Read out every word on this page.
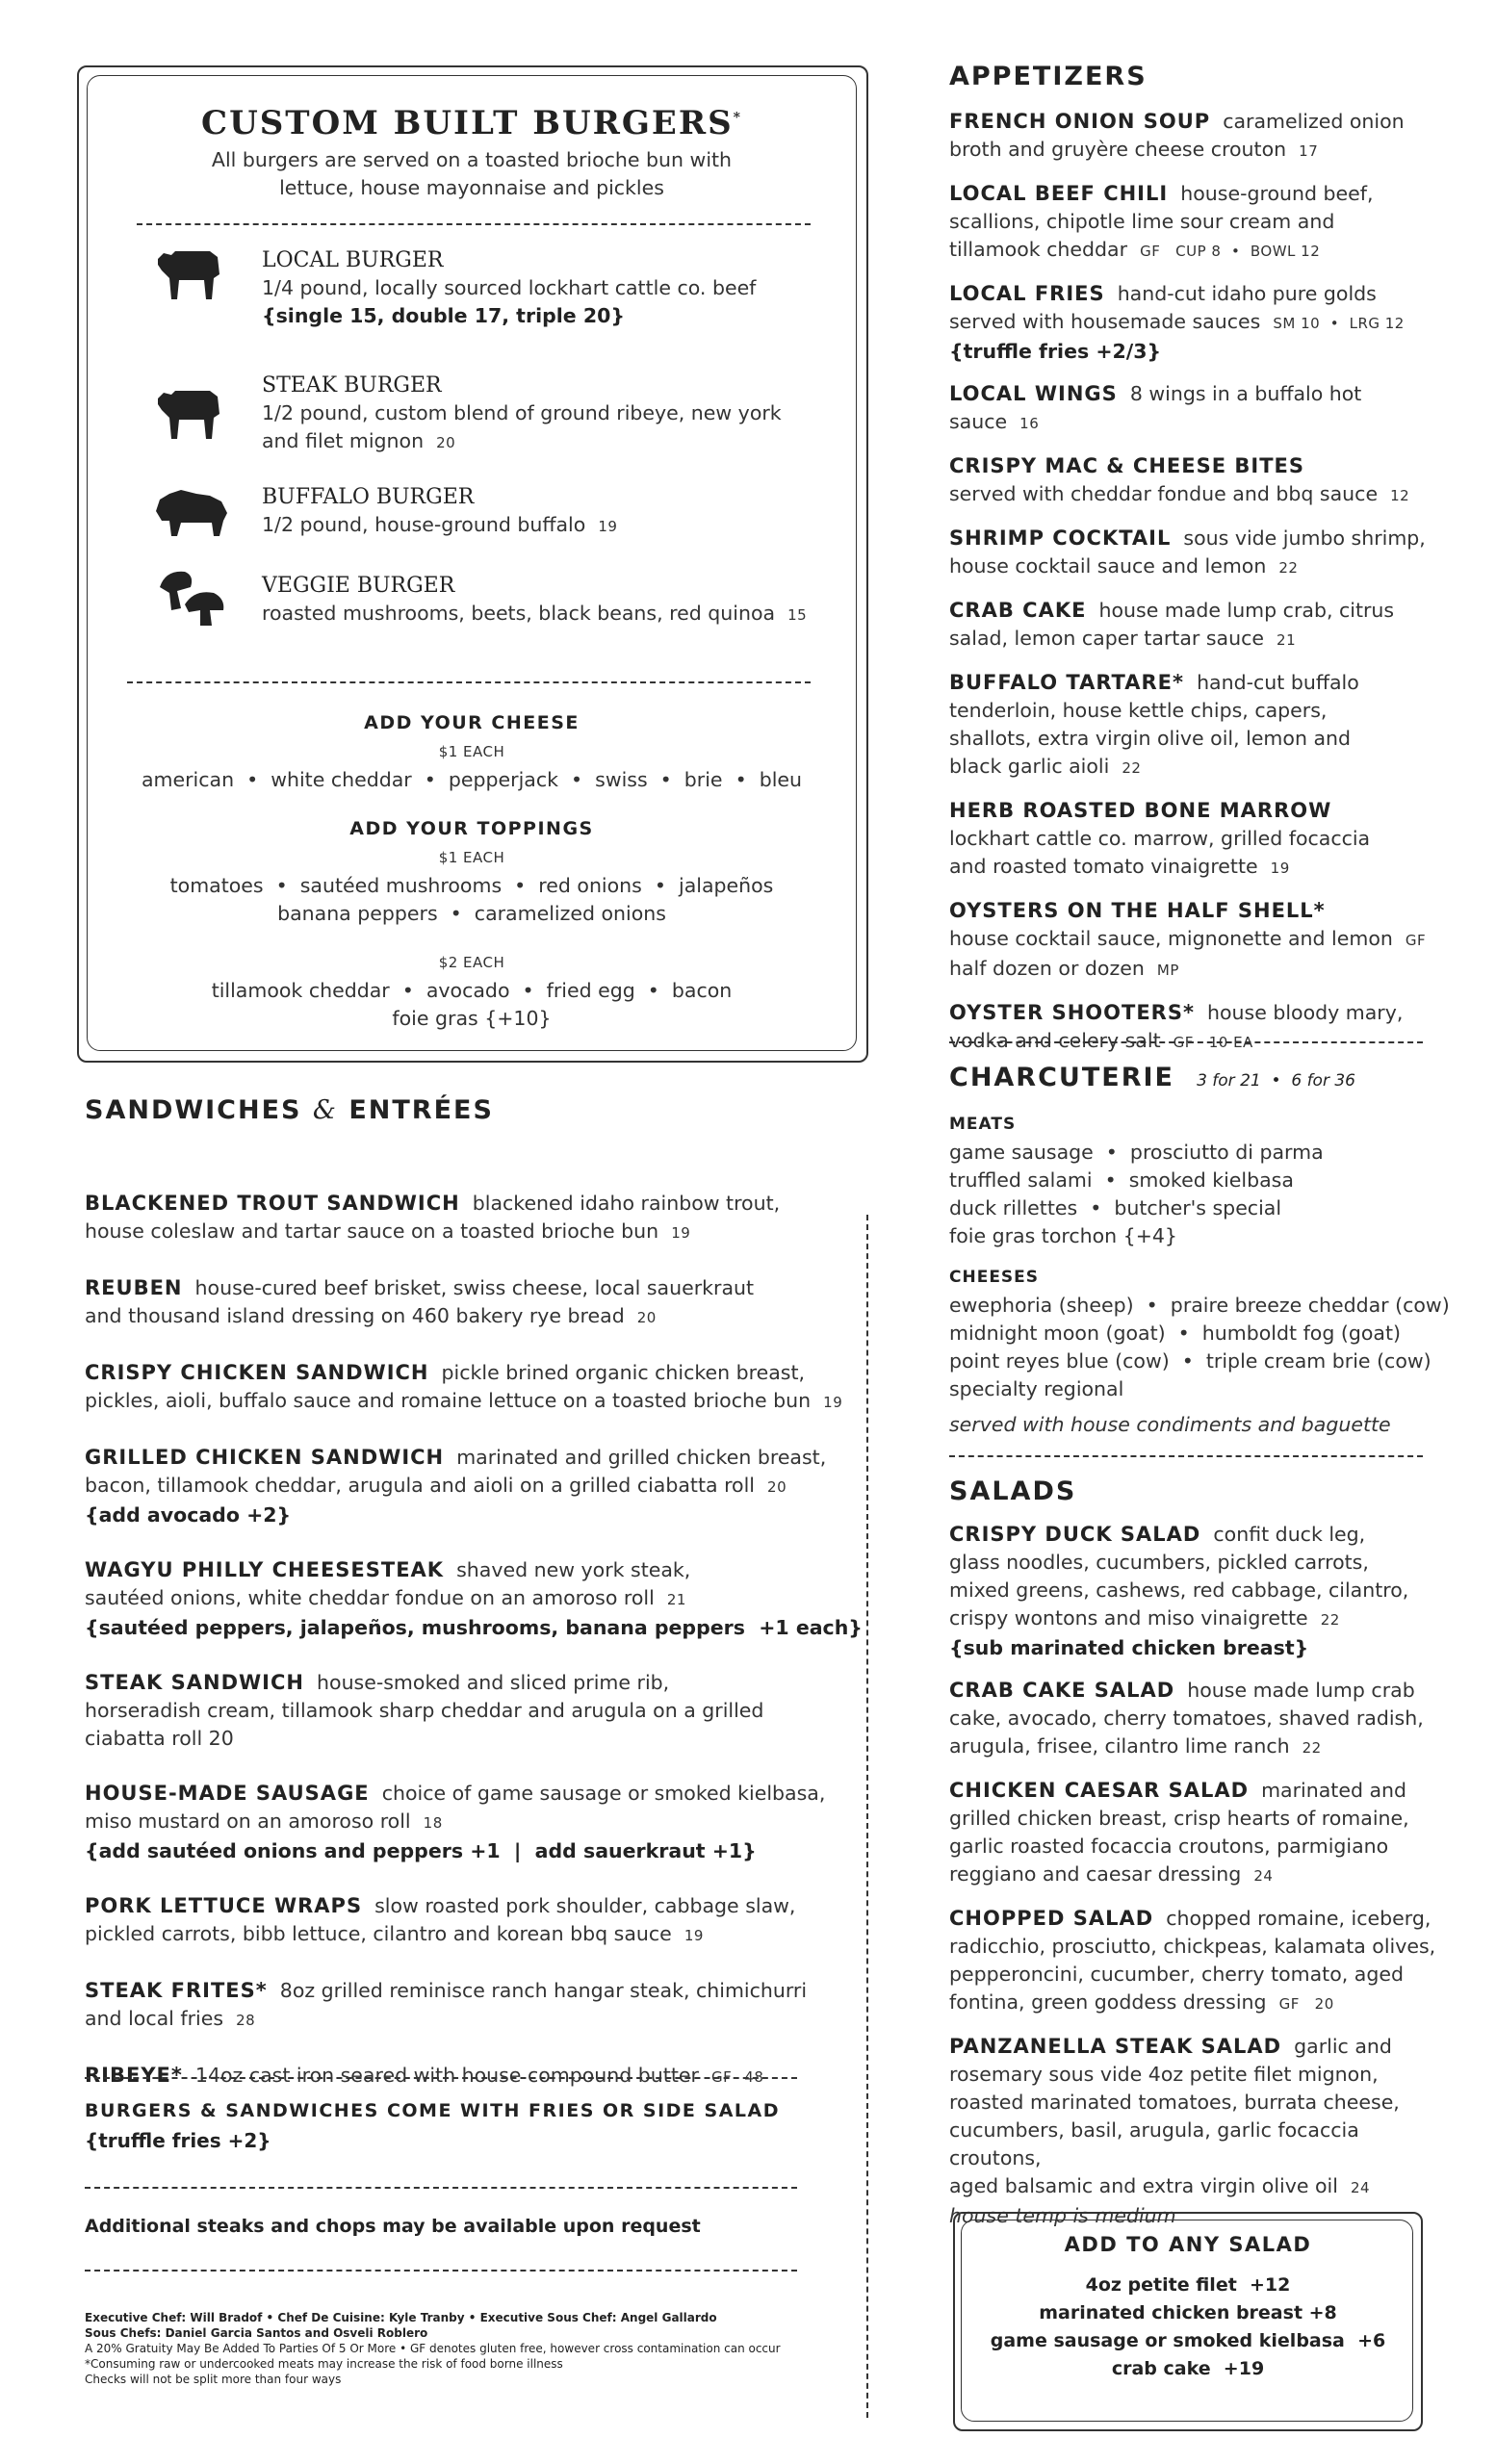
CUSTOM BUILT BURGERS*
All burgers are served on a toasted brioche bun with
lettuce, house mayonnaise and pickles
LOCAL BURGER
1/4 pound, locally sourced lockhart cattle co. beef
{single 15, double 17, triple 20}
STEAK BURGER
1/2 pound, custom blend of ground ribeye, new york
and filet mignon 20
BUFFALO BURGER
1/2 pound, house-ground buffalo 19
VEGGIE BURGER
roasted mushrooms, beets, black beans, red quinoa 15
ADD YOUR CHEESE
$1 EACH
american  •  white cheddar  •  pepperjack  •  swiss  •  brie  •  bleu
ADD YOUR TOPPINGS
$1 EACH
tomatoes  •  sautéed mushrooms  •  red onions  •  jalapeños
banana peppers  •  caramelized onions
$2 EACH
tillamook cheddar  •  avocado  •  fried egg  •  bacon
foie gras {+10}
SANDWICHES & ENTRÉES
BLACKENED TROUT SANDWICH blackened idaho rainbow trout,
house coleslaw and tartar sauce on a toasted brioche bun 19
REUBEN house-cured beef brisket, swiss cheese, local sauerkraut
and thousand island dressing on 460 bakery rye bread 20
CRISPY CHICKEN SANDWICH pickle brined organic chicken breast,
pickles, aioli, buffalo sauce and romaine lettuce on a toasted brioche bun 19
GRILLED CHICKEN SANDWICH marinated and grilled chicken breast,
bacon, tillamook cheddar, arugula and aioli on a grilled ciabatta roll 20
{add avocado +2}
WAGYU PHILLY CHEESESTEAK shaved new york steak,
sautéed onions, white cheddar fondue on an amoroso roll 21
{sautéed peppers, jalapeños, mushrooms, banana peppers  +1 each}
STEAK SANDWICH house-smoked and sliced prime rib,
horseradish cream, tillamook sharp cheddar and arugula on a grilled
ciabatta roll 20
HOUSE-MADE SAUSAGE choice of game sausage or smoked kielbasa,
miso mustard on an amoroso roll 18
{add sautéed onions and peppers +1  |  add sauerkraut +1}
PORK LETTUCE WRAPS slow roasted pork shoulder, cabbage slaw,
pickled carrots, bibb lettuce, cilantro and korean bbq sauce 19
STEAK FRITES* 8oz grilled reminisce ranch hangar steak, chimichurri
and local fries 28
RIBEYE* 14oz cast iron seared with house compound butter GF 48
BURGERS & SANDWICHES COME WITH FRIES OR SIDE SALAD
{truffle fries +2}
Additional steaks and chops may be available upon request
Executive Chef: Will Bradof • Chef De Cuisine: Kyle Tranby • Executive Sous Chef: Angel Gallardo
Sous Chefs: Daniel Garcia Santos and Osveli Roblero
A 20% Gratuity May Be Added To Parties Of 5 Or More • GF denotes gluten free, however cross contamination can occur
*Consuming raw or undercooked meats may increase the risk of food borne illness
Checks will not be split more than four ways
APPETIZERS
FRENCH ONION SOUP caramelized onion
broth and gruyère cheese crouton 17
LOCAL BEEF CHILI house-ground beef,
scallions, chipotle lime sour cream and
tillamook cheddar GF   CUP 8  •  BOWL 12
LOCAL FRIES hand-cut idaho pure golds
served with housemade sauces SM 10  •  LRG 12
{truffle fries +2/3}
LOCAL WINGS 8 wings in a buffalo hot sauce 16
CRISPY MAC & CHEESE BITES
served with cheddar fondue and bbq sauce 12
SHRIMP COCKTAIL sous vide jumbo shrimp,
house cocktail sauce and lemon 22
CRAB CAKE house made lump crab, citrus
salad, lemon caper tartar sauce 21
BUFFALO TARTARE* hand-cut buffalo
tenderloin, house kettle chips, capers,
shallots, extra virgin olive oil, lemon and
black garlic aioli 22
HERB ROASTED BONE MARROW
lockhart cattle co. marrow, grilled focaccia
and roasted tomato vinaigrette 19
OYSTERS ON THE HALF SHELL*
house cocktail sauce, mignonette and lemon GF
half dozen or dozen MP
OYSTER SHOOTERS* house bloody mary,
vodka and celery salt GF   10 EA
CHARCUTERIE 3 for 21  •  6 for 36
MEATS
game sausage  •  prosciutto di parma
truffled salami  •  smoked kielbasa
duck rillettes  •  butcher's special
foie gras torchon {+4}
CHEESES
ewephoria (sheep)  •  praire breeze cheddar (cow)
midnight moon (goat)  •  humboldt fog (goat)
point reyes blue (cow)  •  triple cream brie (cow)
specialty regional
served with house condiments and baguette
SALADS
CRISPY DUCK SALAD confit duck leg,
glass noodles, cucumbers, pickled carrots,
mixed greens, cashews, red cabbage, cilantro,
crispy wontons and miso vinaigrette 22
{sub marinated chicken breast}
CRAB CAKE SALAD house made lump crab
cake, avocado, cherry tomatoes, shaved radish,
arugula, frisee, cilantro lime ranch 22
CHICKEN CAESAR SALAD marinated and
grilled chicken breast, crisp hearts of romaine,
garlic roasted focaccia croutons, parmigiano
reggiano and caesar dressing 24
CHOPPED SALAD chopped romaine, iceberg,
radicchio, prosciutto, chickpeas, kalamata olives,
pepperoncini, cucumber, cherry tomato, aged
fontina, green goddess dressing GF   20
PANZANELLA STEAK SALAD garlic and
rosemary sous vide 4oz petite filet mignon,
roasted marinated tomatoes, burrata cheese,
cucumbers, basil, arugula, garlic focaccia croutons,
aged balsamic and extra virgin olive oil 24
house temp is medium
ADD TO ANY SALAD
4oz petite filet  +12
marinated chicken breast +8
game sausage or smoked kielbasa  +6
crab cake  +19
